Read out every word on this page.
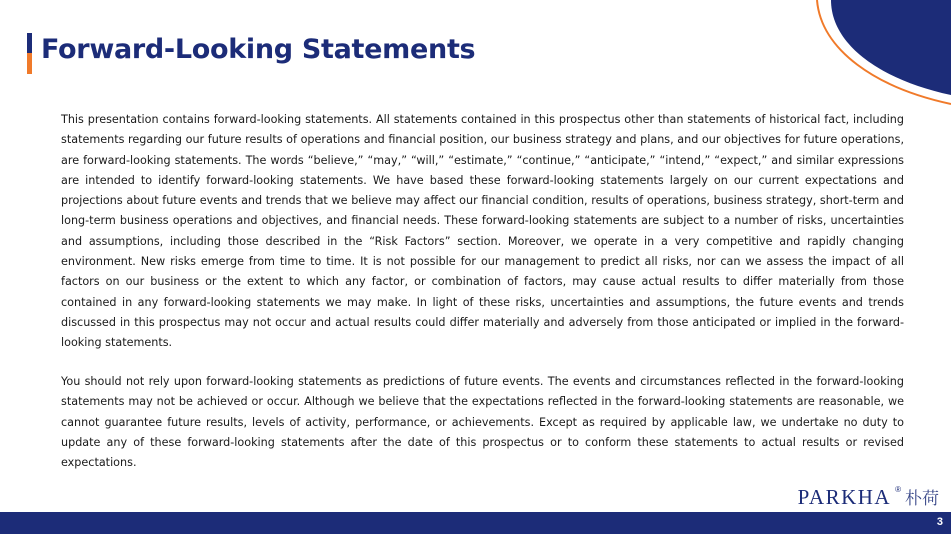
Forward-Looking Statements
This presentation contains forward-looking statements. All statements contained in this prospectus other than statements of historical fact, including statements regarding our future results of operations and financial position, our business strategy and plans, and our objectives for future operations, are forward-looking statements. The words “believe,” “may,” “will,” “estimate,” “continue,” “anticipate,” “intend,” “expect,” and similar expressions are intended to identify forward-looking statements. We have based these forward-looking statements largely on our current expectations and projections about future events and trends that we believe may affect our financial condition, results of operations, business strategy, short-term and long-term business operations and objectives, and financial needs. These forward-looking statements are subject to a number of risks, uncertainties and assumptions, including those described in the “Risk Factors” section. Moreover, we operate in a very competitive and rapidly changing environment. New risks emerge from time to time. It is not possible for our management to predict all risks, nor can we assess the impact of all factors on our business or the extent to which any factor, or combination of factors, may cause actual results to differ materially from those contained in any forward-looking statements we may make. In light of these risks, uncertainties and assumptions, the future events and trends discussed in this prospectus may not occur and actual results could differ materially and adversely from those anticipated or implied in the forward-looking statements.
You should not rely upon forward-looking statements as predictions of future events. The events and circumstances reflected in the forward-looking statements may not be achieved or occur. Although we believe that the expectations reflected in the forward-looking statements are reasonable, we cannot guarantee future results, levels of activity, performance, or achievements. Except as required by applicable law, we undertake no duty to update any of these forward-looking statements after the date of this prospectus or to conform these statements to actual results or revised expectations.
PARKHA ® 朴荷
3
